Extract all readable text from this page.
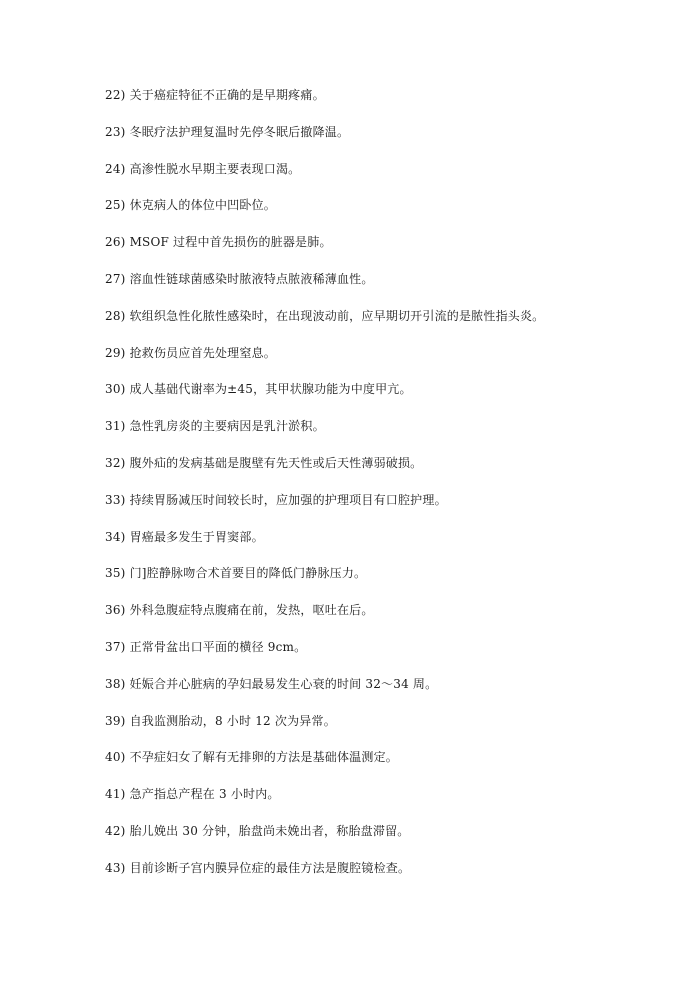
22) 关于癌症特征不正确的是早期疼痛。
23) 冬眠疗法护理复温时先停冬眠后撤降温。
24) 高渗性脱水早期主要表现口渴。
25) 休克病人的体位中凹卧位。
26) MSOF 过程中首先损伤的脏器是肺。
27) 溶血性链球菌感染时脓液特点脓液稀薄血性。
28) 软组织急性化脓性感染时，在出现波动前，应早期切开引流的是脓性指头炎。
29) 抢救伤员应首先处理窒息。
30) 成人基础代谢率为±45，其甲状腺功能为中度甲亢。
31) 急性乳房炎的主要病因是乳汁淤积。
32) 腹外疝的发病基础是腹壁有先天性或后天性薄弱破损。
33) 持续胃肠减压时间较长时，应加强的护理项目有口腔护理。
34) 胃癌最多发生于胃窦部。
35) 门]腔静脉吻合术首要目的降低门静脉压力。
36) 外科急腹症特点腹痛在前，发热，呕吐在后。
37) 正常骨盆出口平面的横径 9cm。
38) 妊娠合并心脏病的孕妇最易发生心衰的时间 32～34 周。
39) 自我监测胎动，8 小时 12 次为异常。
40) 不孕症妇女了解有无排卵的方法是基础体温测定。
41) 急产指总产程在 3 小时内。
42) 胎儿娩出 30 分钟，胎盘尚未娩出者，称胎盘滞留。
43) 目前诊断子宫内膜异位症的最佳方法是腹腔镜检查。
